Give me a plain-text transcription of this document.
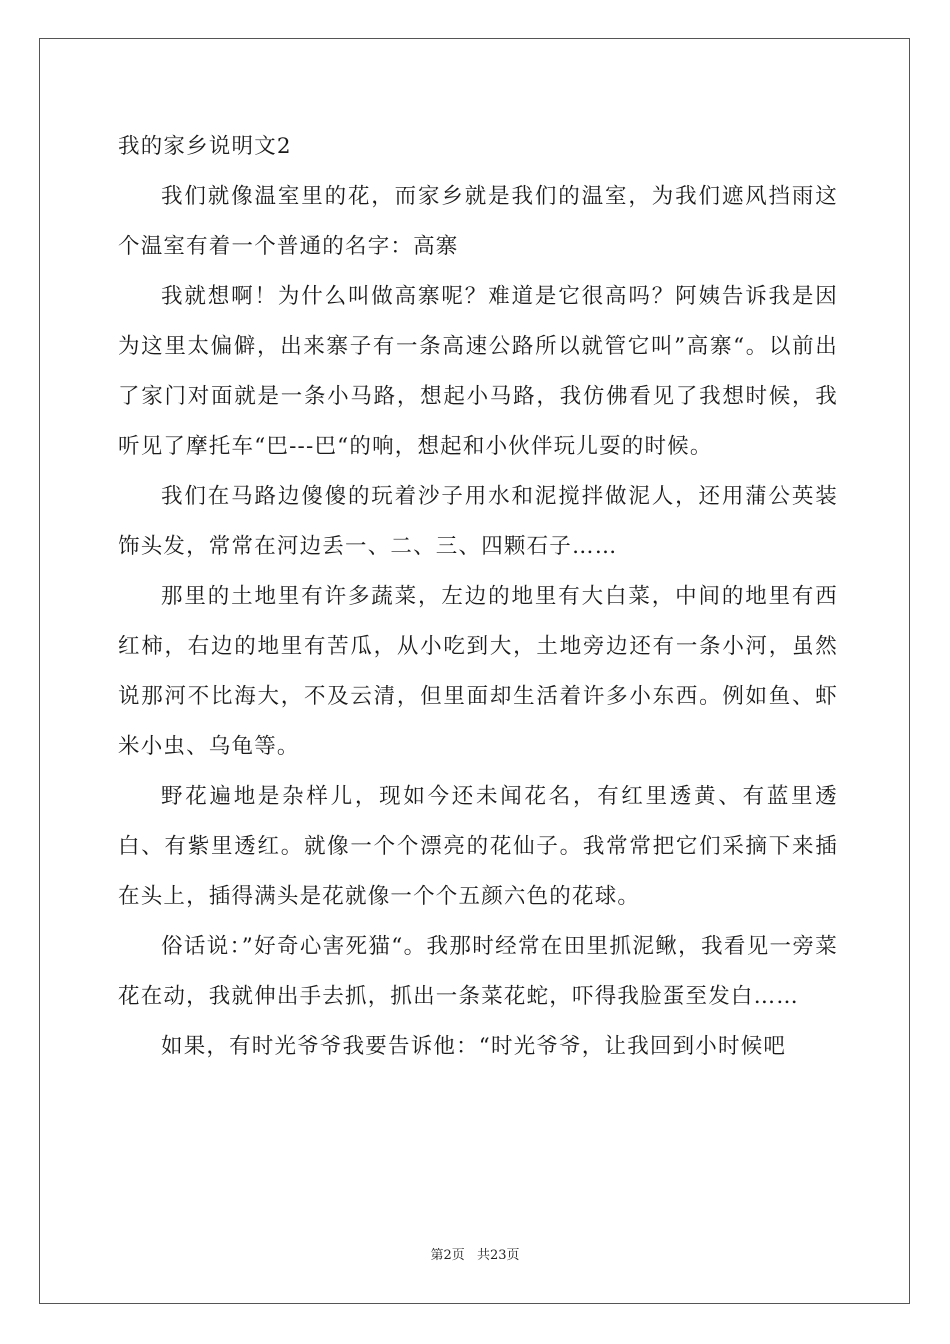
我的家乡说明文2

我们就像温室里的花，而家乡就是我们的温室，为我们遮风挡雨这个温室有着一个普通的名字：高寨

我就想啊！为什么叫做高寨呢？难道是它很高吗？阿姨告诉我是因为这里太偏僻，出来寨子有一条高速公路所以就管它叫”高寨“。以前出了家门对面就是一条小马路，想起小马路，我仿佛看见了我想时候，我听见了摩托车“巴---巴“的响，想起和小伙伴玩儿耍的时候。

我们在马路边傻傻的玩着沙子用水和泥搅拌做泥人，还用蒲公英装饰头发，常常在河边丢一、二、三、四颗石子……

那里的土地里有许多蔬菜，左边的地里有大白菜，中间的地里有西红柿，右边的地里有苦瓜，从小吃到大，土地旁边还有一条小河，虽然说那河不比海大，不及云清，但里面却生活着许多小东西。例如鱼、虾米小虫、乌龟等。

野花遍地是杂样儿，现如今还未闻花名，有红里透黄、有蓝里透白、有紫里透红。就像一个个漂亮的花仙子。我常常把它们采摘下来插在头上，插得满头是花就像一个个五颜六色的花球。

俗话说：”好奇心害死猫“。我那时经常在田里抓泥鳅，我看见一旁菜花在动，我就伸出手去抓，抓出一条菜花蛇，吓得我脸蛋至发白……

如果，有时光爷爷我要告诉他：“时光爷爷，让我回到小时候吧

第2页 共23页
